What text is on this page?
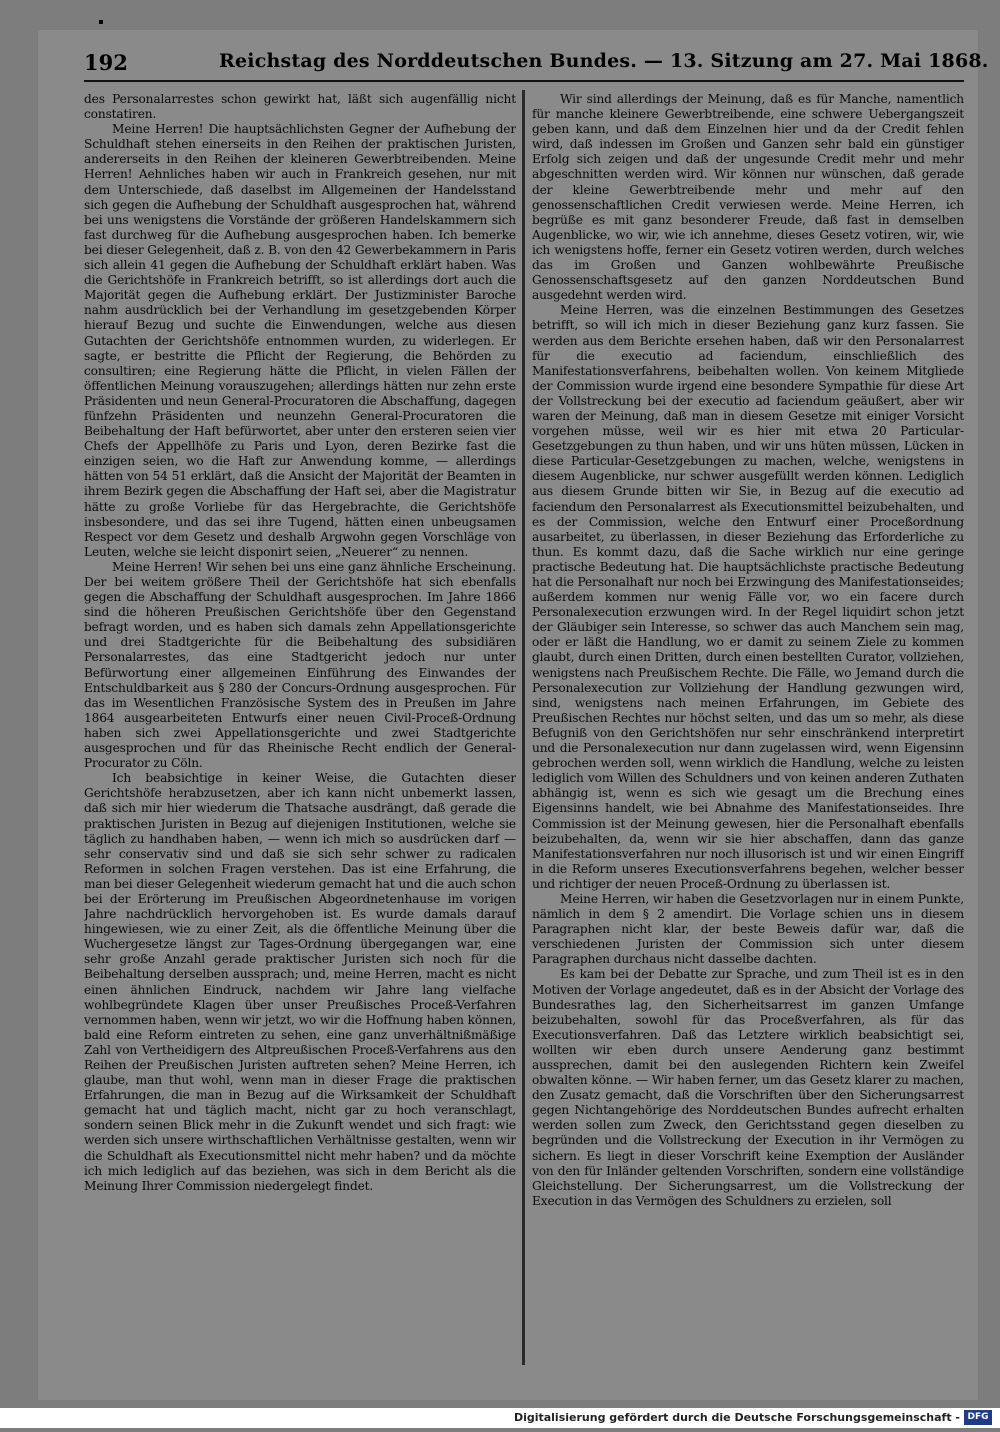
192	Reichstag des Norddeutschen Bundes. — 13. Sitzung am 27. Mai 1868.

des Personalarrestes schon gewirkt hat, läßt sich augenfällig nicht constatiren.

Meine Herren! Die hauptsächlichsten Gegner der Aufhebung der Schuldhaft stehen einerseits in den Reihen der praktischen Juristen, andererseits in den Reihen der kleineren Gewerbtreibenden. Meine Herren! Aehnliches haben wir auch in Frankreich gesehen, nur mit dem Unterschiede, daß daselbst im Allgemeinen der Handelsstand sich gegen die Aufhebung der Schuldhaft ausgesprochen hat, während bei uns wenigstens die Vorstände der größeren Handelskammern sich fast durchweg für die Aufhebung ausgesprochen haben. Ich bemerke bei dieser Gelegenheit, daß z. B. von den 42 Gewerbekammern in Paris sich allein 41 gegen die Aufhebung der Schuldhaft erklärt haben. Was die Gerichtshöfe in Frankreich betrifft, so ist allerdings dort auch die Majorität gegen die Aufhebung erklärt. Der Justizminister Baroche nahm ausdrücklich bei der Verhandlung im gesetzgebenden Körper hierauf Bezug und suchte die Einwendungen, welche aus diesen Gutachten der Gerichtshöfe entnommen wurden, zu widerlegen. Er sagte, er bestritte die Pflicht der Regierung, die Behörden zu consultiren; eine Regierung hätte die Pflicht, in vielen Fällen der öffentlichen Meinung vorauszugehen; allerdings hätten nur zehn erste Präsidenten und neun General-Procuratoren die Abschaffung, dagegen fünfzehn Präsidenten und neunzehn General-Procuratoren die Beibehaltung der Haft befürwortet, aber unter den ersteren seien vier Chefs der Appellhöfe zu Paris und Lyon, deren Bezirke fast die einzigen seien, wo die Haft zur Anwendung komme, — allerdings hätten von 54 51 erklärt, daß die Ansicht der Majorität der Beamten in ihrem Bezirk gegen die Abschaffung der Haft sei, aber die Magistratur hätte zu große Vorliebe für das Hergebrachte, die Gerichtshöfe insbesondere, und das sei ihre Tugend, hätten einen unbeugsamen Respect vor dem Gesetz und deshalb Argwohn gegen Vorschläge von Leuten, welche sie leicht disponirt seien, „Neuerer“ zu nennen.

Meine Herren! Wir sehen bei uns eine ganz ähnliche Erscheinung. Der bei weitem größere Theil der Gerichtshöfe hat sich ebenfalls gegen die Abschaffung der Schuldhaft ausgesprochen. Im Jahre 1866 sind die höheren Preußischen Gerichtshöfe über den Gegenstand befragt worden, und es haben sich damals zehn Appellationsgerichte und drei Stadtgerichte für die Beibehaltung des subsidiären Personalarrestes, das eine Stadtgericht jedoch nur unter Befürwortung einer allgemeinen Einführung des Einwandes der Entschuldbarkeit aus § 280 der Concurs-Ordnung ausgesprochen. Für das im Wesentlichen Französische System des in Preußen im Jahre 1864 ausgearbeiteten Entwurfs einer neuen Civil-Proceß-Ordnung haben sich zwei Appellationsgerichte und zwei Stadtgerichte ausgesprochen und für das Rheinische Recht endlich der General-Procurator zu Cöln.

Ich beabsichtige in keiner Weise, die Gutachten dieser Gerichtshöfe herabzusetzen, aber ich kann nicht unbemerkt lassen, daß sich mir hier wiederum die Thatsache ausdrängt, daß gerade die praktischen Juristen in Bezug auf diejenigen Institutionen, welche sie täglich zu handhaben haben, — wenn ich mich so ausdrücken darf — sehr conservativ sind und daß sie sich sehr schwer zu radicalen Reformen in solchen Fragen verstehen. Das ist eine Erfahrung, die man bei dieser Gelegenheit wiederum gemacht hat und die auch schon bei der Erörterung im Preußischen Abgeordnetenhause im vorigen Jahre nachdrücklich hervorgehoben ist. Es wurde damals darauf hingewiesen, wie zu einer Zeit, als die öffentliche Meinung über die Wuchergesetze längst zur Tages-Ordnung übergegangen war, eine sehr große Anzahl gerade praktischer Juristen sich noch für die Beibehaltung derselben aussprach; und, meine Herren, macht es nicht einen ähnlichen Eindruck, nachdem wir Jahre lang vielfache wohlbegründete Klagen über unser Preußisches Proceß-Verfahren vernommen haben, wenn wir jetzt, wo wir die Hoffnung haben können, bald eine Reform eintreten zu sehen, eine ganz unverhältnißmäßige Zahl von Vertheidigern des Altpreußischen Proceß-Verfahrens aus den Reihen der Preußischen Juristen auftreten sehen? Meine Herren, ich glaube, man thut wohl, wenn man in dieser Frage die praktischen Erfahrungen, die man in Bezug auf die Wirksamkeit der Schuldhaft gemacht hat und täglich macht, nicht gar zu hoch veranschlagt, sondern seinen Blick mehr in die Zukunft wendet und sich fragt: wie werden sich unsere wirthschaftlichen Verhältnisse gestalten, wenn wir die Schuldhaft als Executionsmittel nicht mehr haben? und da möchte ich mich lediglich auf das beziehen, was sich in dem Bericht als die Meinung Ihrer Commission niedergelegt findet.

Wir sind allerdings der Meinung, daß es für Manche, namentlich für manche kleinere Gewerbtreibende, eine schwere Uebergangszeit geben kann, und daß dem Einzelnen hier und da der Credit fehlen wird, daß indessen im Großen und Ganzen sehr bald ein günstiger Erfolg sich zeigen und daß der ungesunde Credit mehr und mehr abgeschnitten werden wird. Wir können nur wünschen, daß gerade der kleine Gewerbtreibende mehr und mehr auf den genossenschaftlichen Credit verwiesen werde. Meine Herren, ich begrüße es mit ganz besonderer Freude, daß fast in demselben Augenblicke, wo wir, wie ich annehme, dieses Gesetz votiren, wir, wie ich wenigstens hoffe, ferner ein Gesetz votiren werden, durch welches das im Großen und Ganzen wohlbewährte Preußische Genossenschaftsgesetz auf den ganzen Norddeutschen Bund ausgedehnt werden wird.

Meine Herren, was die einzelnen Bestimmungen des Gesetzes betrifft, so will ich mich in dieser Beziehung ganz kurz fassen. Sie werden aus dem Berichte ersehen haben, daß wir den Personalarrest für die executio ad faciendum, einschließlich des Manifestationsverfahrens, beibehalten wollen. Von keinem Mitgliede der Commission wurde irgend eine besondere Sympathie für diese Art der Vollstreckung bei der executio ad faciendum geäußert, aber wir waren der Meinung, daß man in diesem Gesetze mit einiger Vorsicht vorgehen müsse, weil wir es hier mit etwa 20 Particular-Gesetzgebungen zu thun haben, und wir uns hüten müssen, Lücken in diese Particular-Gesetzgebungen zu machen, welche, wenigstens in diesem Augenblicke, nur schwer ausgefüllt werden können. Lediglich aus diesem Grunde bitten wir Sie, in Bezug auf die executio ad faciendum den Personalarrest als Executionsmittel beizubehalten, und es der Commission, welche den Entwurf einer Proceßordnung ausarbeitet, zu überlassen, in dieser Beziehung das Erforderliche zu thun. Es kommt dazu, daß die Sache wirklich nur eine geringe practische Bedeutung hat. Die hauptsächlichste practische Bedeutung hat die Personalhaft nur noch bei Erzwingung des Manifestationseides; außerdem kommen nur wenig Fälle vor, wo ein facere durch Personalexecution erzwungen wird. In der Regel liquidirt schon jetzt der Gläubiger sein Interesse, so schwer das auch Manchem sein mag, oder er läßt die Handlung, wo er damit zu seinem Ziele zu kommen glaubt, durch einen Dritten, durch einen bestellten Curator, vollziehen, wenigstens nach Preußischem Rechte. Die Fälle, wo Jemand durch die Personalexecution zur Vollziehung der Handlung gezwungen wird, sind, wenigstens nach meinen Erfahrungen, im Gebiete des Preußischen Rechtes nur höchst selten, und das um so mehr, als diese Befugniß von den Gerichtshöfen nur sehr einschränkend interpretirt und die Personalexecution nur dann zugelassen wird, wenn Eigensinn gebrochen werden soll, wenn wirklich die Handlung, welche zu leisten lediglich vom Willen des Schuldners und von keinen anderen Zuthaten abhängig ist, wenn es sich wie gesagt um die Brechung eines Eigensinns handelt, wie bei Abnahme des Manifestationseides. Ihre Commission ist der Meinung gewesen, hier die Personalhaft ebenfalls beizubehalten, da, wenn wir sie hier abschaffen, dann das ganze Manifestationsverfahren nur noch illusorisch ist und wir einen Eingriff in die Reform unseres Executionsverfahrens begehen, welcher besser und richtiger der neuen Proceß-Ordnung zu überlassen ist.

Meine Herren, wir haben die Gesetzvorlagen nur in einem Punkte, nämlich in dem § 2 amendirt. Die Vorlage schien uns in diesem Paragraphen nicht klar, der beste Beweis dafür war, daß die verschiedenen Juristen der Commission sich unter diesem Paragraphen durchaus nicht dasselbe dachten.

Es kam bei der Debatte zur Sprache, und zum Theil ist es in den Motiven der Vorlage angedeutet, daß es in der Absicht der Vorlage des Bundesrathes lag, den Sicherheitsarrest im ganzen Umfange beizubehalten, sowohl für das Proceßverfahren, als für das Executionsverfahren. Daß das Letztere wirklich beabsichtigt sei, wollten wir eben durch unsere Aenderung ganz bestimmt aussprechen, damit bei den auslegenden Richtern kein Zweifel obwalten könne. — Wir haben ferner, um das Gesetz klarer zu machen, den Zusatz gemacht, daß die Vorschriften über den Sicherungsarrest gegen Nichtangehörige des Norddeutschen Bundes aufrecht erhalten werden sollen zum Zweck, den Gerichtsstand gegen dieselben zu begründen und die Vollstreckung der Execution in ihr Vermögen zu sichern. Es liegt in dieser Vorschrift keine Exemption der Ausländer von den für Inländer geltenden Vorschriften, sondern eine vollständige Gleichstellung. Der Sicherungsarrest, um die Vollstreckung der Execution in das Vermögen des Schuldners zu erzielen, soll

Digitalisierung gefördert durch die Deutsche Forschungsgemeinschaft - DFG
